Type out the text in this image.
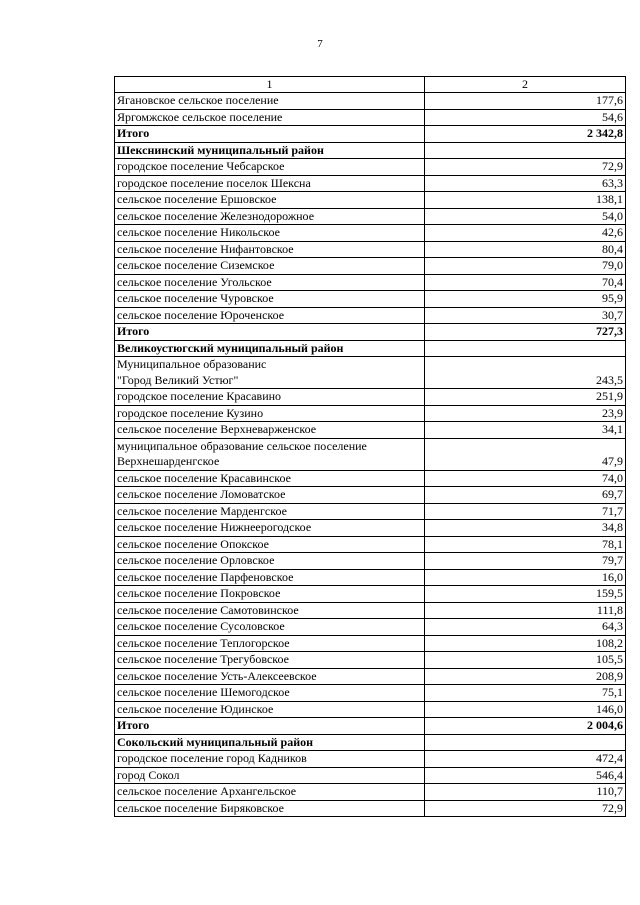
7
1	2
Ягановское сельское поселение	177,6
Яргомжское сельское поселение	54,6
Итого	2 342,8
Шекснинский муниципальный район	
городское поселение Чебсарское	72,9
городское поселение поселок Шексна	63,3
сельское поселение Ершовское	138,1
сельское поселение Железнодорожное	54,0
сельское поселение Никольское	42,6
сельское поселение Нифантовское	80,4
сельское поселение Сиземское	79,0
сельское поселение Угольское	70,4
сельское поселение Чуровское	95,9
сельское поселение Юроченское	30,7
Итого	727,3
Великоустюгский муниципальный район	

Муниципальное образованис
"Город Великий Устюг"	243,5
городское поселение Красавино	251,9
городское поселение Кузино	23,9
сельское поселение Верхневарженское	34,1

муниципальное образование сельское поселение
Верхнешарденгское	47,9
сельское поселение Красавинское	74,0
сельское поселение Ломоватское	69,7
сельское поселение Марденгское	71,7
сельское поселение Нижнеерогодское	34,8
сельское поселение Опокское	78,1
сельское поселение Орловское	79,7
сельское поселение Парфеновское	16,0
сельское поселение Покровское	159,5
сельское поселение Самотовинское	111,8
сельское поселение Сусоловское	64,3
сельское поселение Теплогорское	108,2
сельское поселение Трегубовское	105,5
сельское поселение Усть-Алексеевское	208,9
сельское поселение Шемогодское	75,1
сельское поселение Юдинское	146,0
Итого	2 004,6
Сокольский муниципальный район	
городское поселение город Кадников	472,4
город Сокол	546,4
сельское поселение Архангельское	110,7
сельское поселение Биряковское	72,9
